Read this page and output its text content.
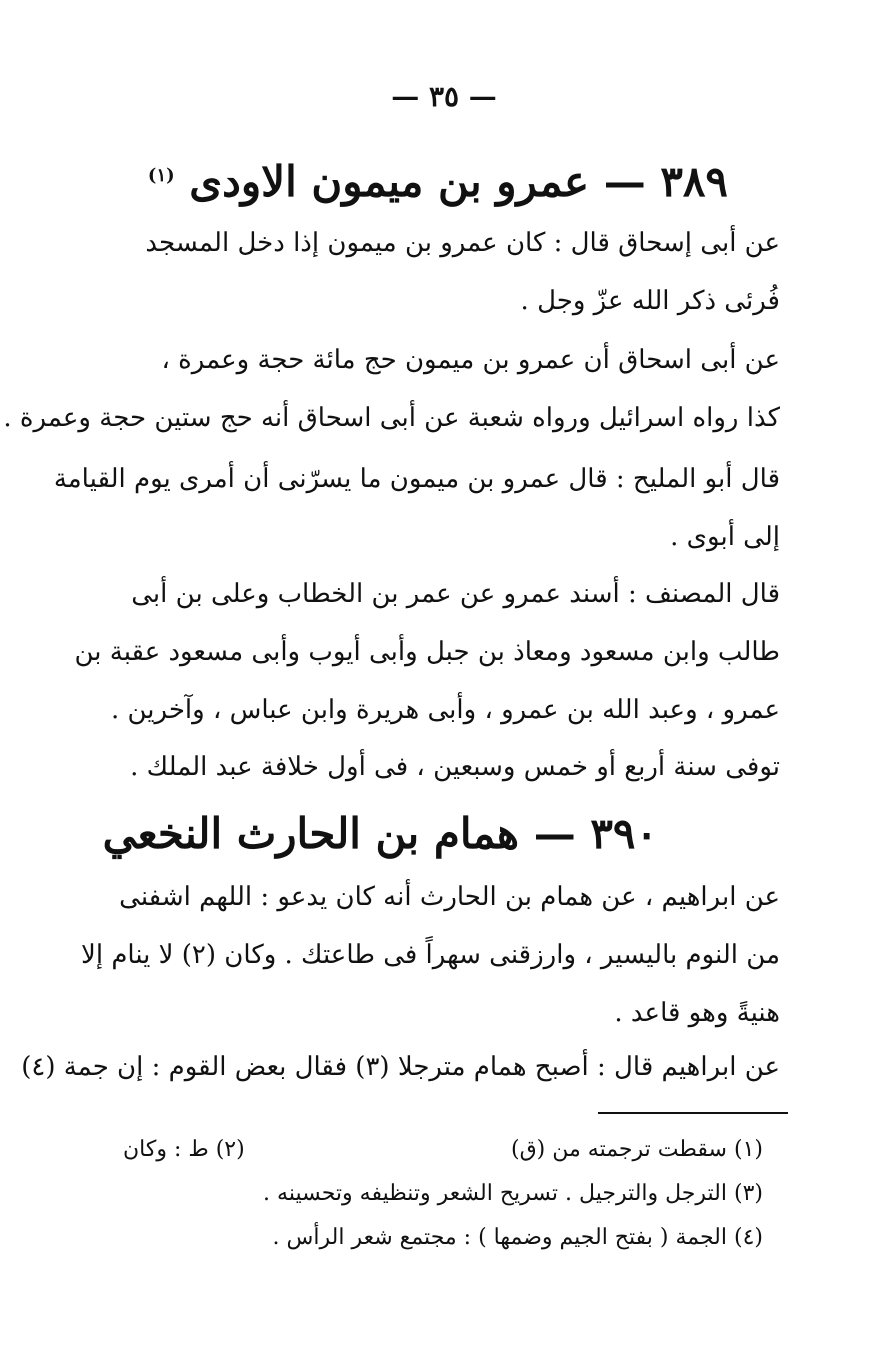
— ٣٥ —
٣٨٩ — عمرو بن ميمون الاودى $^{(١)}$
عن أبى إسحاق قال : كان عمرو بن ميمون إذا دخل المسجد
فُرئى ذكر الله عزّ وجل .
عن أبى اسحاق أن عمرو بن ميمون حج مائة حجة وعمرة ،
كذا رواه اسرائيل ورواه شعبة عن أبى اسحاق أنه حج ستين حجة وعمرة .
قال أبو المليح : قال عمرو بن ميمون ما يسرّنى أن أمرى يوم القيامة
إلى أبوى .
قال المصنف : أسند عمرو عن عمر بن الخطاب وعلى بن أبى
طالب وابن مسعود ومعاذ بن جبل وأبى أيوب وأبى مسعود عقبة بن
عمرو ، وعبد الله بن عمرو ، وأبى هريرة وابن عباس ، وآخرين .
توفى سنة أربع أو خمس وسبعين ، فى أول خلافة عبد الملك .
٣٩٠ — همام بن الحارث النخعي
عن ابراهيم ، عن همام بن الحارث أنه كان يدعو : اللهم اشفنى
من النوم باليسير ، وارزقنى سهراً فى طاعتك . وكان (٢) لا ينام إلا
هنيةً وهو قاعد .
عن ابراهيم قال : أصبح همام مترجلا (٣) فقال بعض القوم : إن جمة (٤)
(١) سقطت ترجمته من (ق)
(٢) ط : وكان
(٣) الترجل والترجيل . تسريح الشعر وتنظيفه وتحسينه .
(٤) الجمة ( بفتح الجيم وضمها ) : مجتمع شعر الرأس .
